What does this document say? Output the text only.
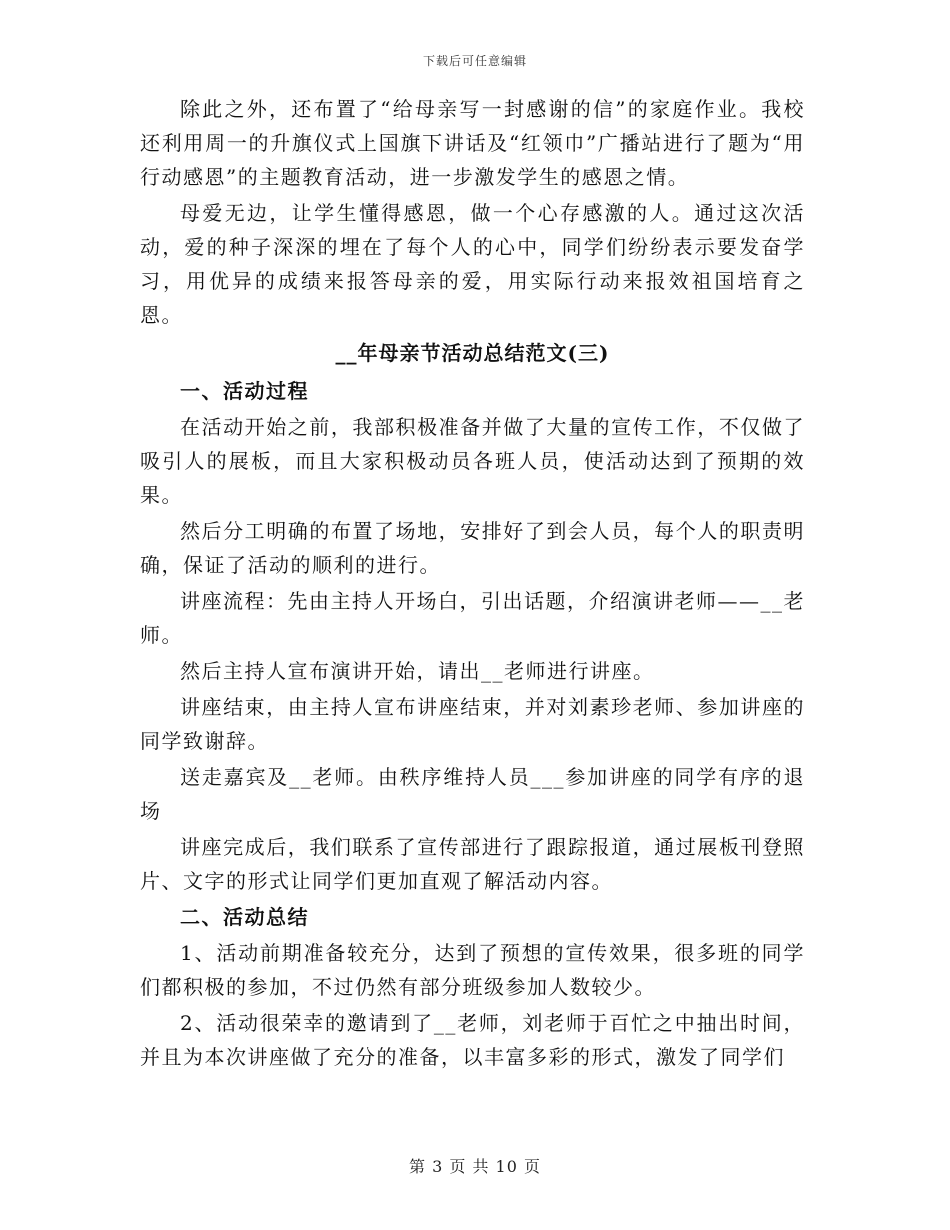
下载后可任意编辑

除此之外，还布置了“给母亲写一封感谢的信”的家庭作业。我校还利用周一的升旗仪式上国旗下讲话及“红领巾”广播站进行了题为“用行动感恩”的主题教育活动，进一步激发学生的感恩之情。

母爱无边，让学生懂得感恩，做一个心存感激的人。通过这次活动，爱的种子深深的埋在了每个人的心中，同学们纷纷表示要发奋学习，用优异的成绩来报答母亲的爱，用实际行动来报效祖国培育之恩。

__年母亲节活动总结范文(三)

一、活动过程

在活动开始之前，我部积极准备并做了大量的宣传工作，不仅做了吸引人的展板，而且大家积极动员各班人员，使活动达到了预期的效果。

然后分工明确的布置了场地，安排好了到会人员，每个人的职责明确，保证了活动的顺利的进行。

讲座流程：先由主持人开场白，引出话题，介绍演讲老师——__老师。

然后主持人宣布演讲开始，请出__老师进行讲座。

讲座结束，由主持人宣布讲座结束，并对刘素珍老师、参加讲座的同学致谢辞。

送走嘉宾及__老师。由秩序维持人员___参加讲座的同学有序的退场

讲座完成后，我们联系了宣传部进行了跟踪报道，通过展板刊登照片、文字的形式让同学们更加直观了解活动内容。

二、活动总结

1、活动前期准备较充分，达到了预想的宣传效果，很多班的同学们都积极的参加，不过仍然有部分班级参加人数较少。

2、活动很荣幸的邀请到了__老师，刘老师于百忙之中抽出时间，并且为本次讲座做了充分的准备，以丰富多彩的形式，激发了同学们

第 3 页 共 10 页
